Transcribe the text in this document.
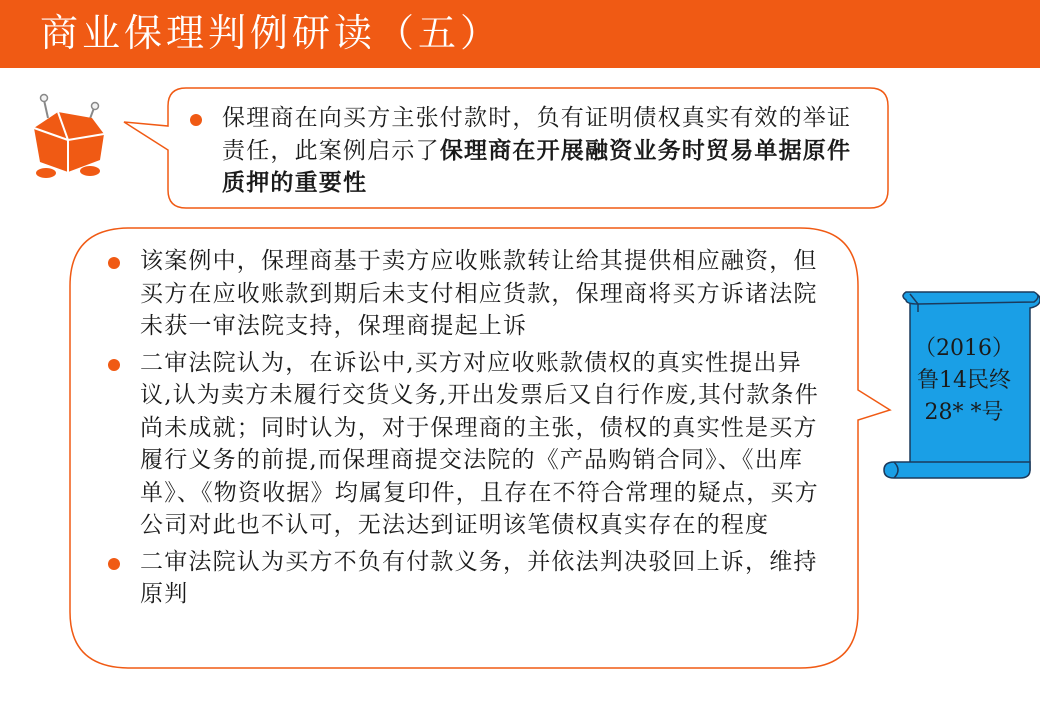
商业保理判例研读（五）
保理商在向买方主张付款时，负有证明债权真实有效的举证责任，此案例启示了保理商在开展融资业务时贸易单据原件质押的重要性
该案例中，保理商基于卖方应收账款转让给其提供相应融资，但买方在应收账款到期后未支付相应货款，保理商将买方诉诸法院未获一审法院支持，保理商提起上诉
二审法院认为，在诉讼中,买方对应收账款债权的真实性提出异议,认为卖方未履行交货义务,开出发票后又自行作废,其付款条件尚未成就；同时认为，对于保理商的主张，债权的真实性是买方履行义务的前提,而保理商提交法院的《产品购销合同》、《出库单》、《物资收据》均属复印件，且存在不符合常理的疑点，买方公司对此也不认可，无法达到证明该笔债权真实存在的程度
二审法院认为买方不负有付款义务，并依法判决驳回上诉，维持原判
（2016）
鲁14民终
28* *号
